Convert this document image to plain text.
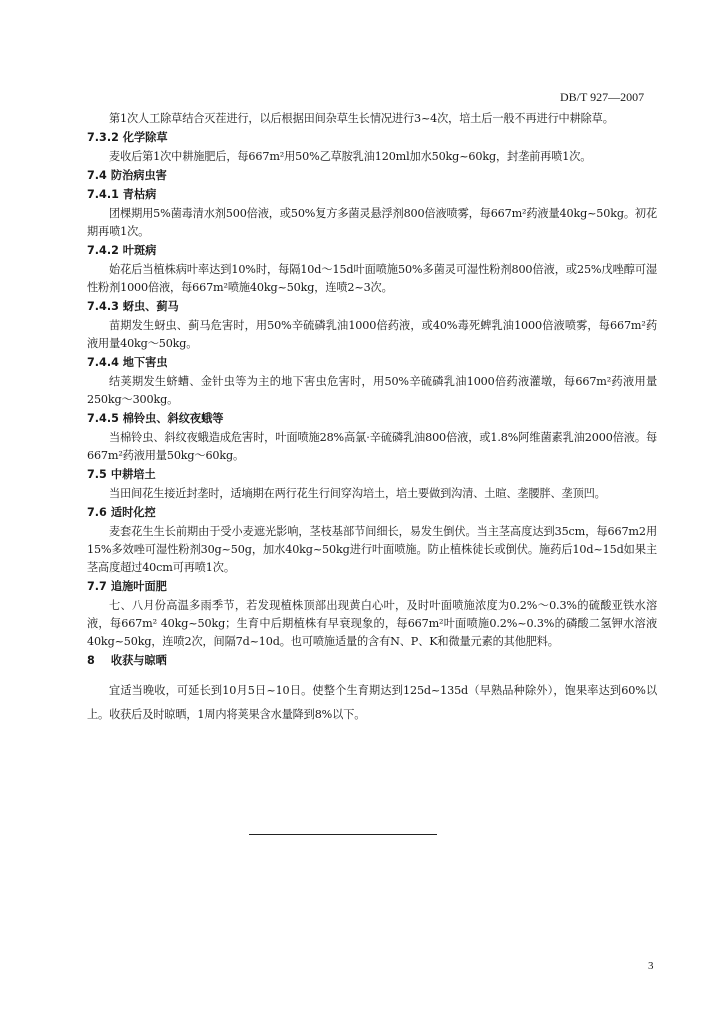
DB/T 927—2007
第1次人工除草结合灭茬进行，以后根据田间杂草生长情况进行3~4次，培土后一般不再进行中耕除草。
7.3.2 化学除草
麦收后第1次中耕施肥后，每667m²用50%乙草胺乳油120ml加水50kg~60kg，封垄前再喷1次。
7.4 防治病虫害
7.4.1 青枯病
团棵期用5%菌毒清水剂500倍液，或50%复方多菌灵悬浮剂800倍液喷雾，每667m²药液量40kg~50kg。初花期再喷1次。
7.4.2 叶斑病
始花后当植株病叶率达到10%时，每隔10d～15d叶面喷施50%多菌灵可湿性粉剂800倍液，或25%戊唑醇可湿性粉剂1000倍液，每667m²喷施40kg~50kg，连喷2~3次。
7.4.3 蚜虫、蓟马
苗期发生蚜虫、蓟马危害时，用50%辛硫磷乳油1000倍药液，或40%毒死蜱乳油1000倍液喷雾，每667m²药液用量40kg～50kg。
7.4.4 地下害虫
结荚期发生蛴螬、金针虫等为主的地下害虫危害时，用50%辛硫磷乳油1000倍药液灌墩，每667m²药液用量250kg～300kg。
7.4.5 棉铃虫、斜纹夜蛾等
当棉铃虫、斜纹夜蛾造成危害时，叶面喷施28%高氯·辛硫磷乳油800倍液，或1.8%阿维菌素乳油2000倍液。每667m²药液用量50kg～60kg。
7.5 中耕培土
当田间花生接近封垄时，适墒期在两行花生行间穿沟培土，培土要做到沟清、土暄、垄腰胖、垄顶凹。
7.6 适时化控
麦套花生生长前期由于受小麦遮光影响，茎枝基部节间细长，易发生倒伏。当主茎高度达到35cm，每667m2用15%多效唑可湿性粉剂30g~50g，加水40kg~50kg进行叶面喷施。防止植株徒长或倒伏。施药后10d~15d如果主茎高度超过40cm可再喷1次。
7.7 追施叶面肥
七、八月份高温多雨季节，若发现植株顶部出现黄白心叶，及时叶面喷施浓度为0.2%～0.3%的硫酸亚铁水溶液，每667m² 40kg~50kg；生育中后期植株有早衰现象的，每667m²叶面喷施0.2%~0.3%的磷酸二氢钾水溶液40kg~50kg，连喷2次，间隔7d~10d。也可喷施适量的含有N、P、K和微量元素的其他肥料。
8 收获与晾晒
宜适当晚收，可延长到10月5日~10日。使整个生育期达到125d~135d（早熟品种除外），饱果率达到60%以上。收获后及时晾晒，1周内将荚果含水量降到8%以下。
3
